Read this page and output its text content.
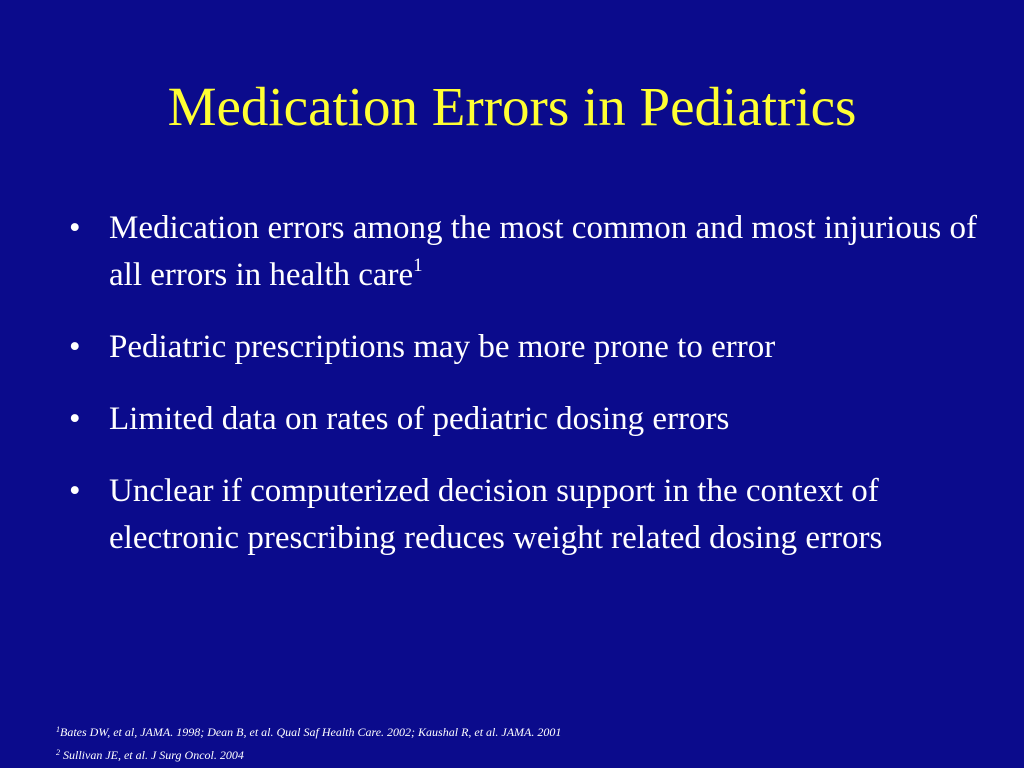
Medication Errors in Pediatrics
• Medication errors among the most common and most injurious of all errors in health care$^1$
• Pediatric prescriptions may be more prone to error
• Limited data on rates of pediatric dosing errors
• Unclear if computerized decision support in the context of electronic prescribing reduces weight related dosing errors
$^1$Bates DW, et al, JAMA. 1998; Dean B, et al. Qual Saf Health Care. 2002; Kaushal R, et al. JAMA. 2001
$^2$ Sullivan JE, et al. J Surg Oncol. 2004
